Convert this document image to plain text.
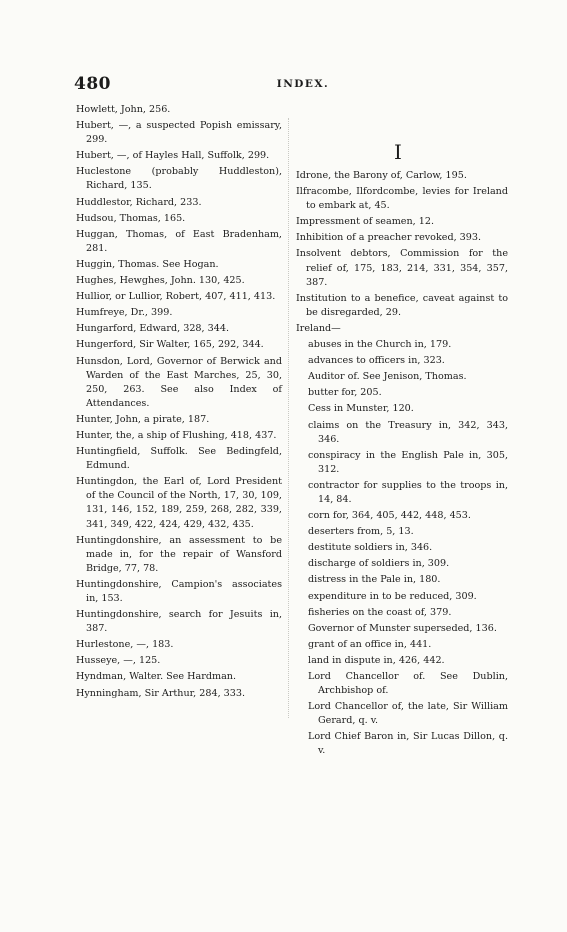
480	INDEX.

Howlett, John, 256.

Hubert, —, a suspected Popish emissary, 299.

Hubert, —, of Hayles Hall, Suffolk, 299.

Huclestone (probably Huddleston), Richard, 135.

Huddlestor, Richard, 233.

Hudsou, Thomas, 165.

Huggan, Thomas, of East Bradenham, 281.

Huggin, Thomas. See Hogan.

Hughes, Hewghes, John. 130, 425.

Hullior, or Lullior, Robert, 407, 411, 413.

Humfreye, Dr., 399.

Hungarford, Edward, 328, 344.

Hungerford, Sir Walter, 165, 292, 344.

Hunsdon, Lord, Governor of Berwick and Warden of the East Marches, 25, 30, 250, 263. See also Index of Attendances.

Hunter, John, a pirate, 187.

Hunter, the, a ship of Flushing, 418, 437.

Huntingfield, Suffolk. See Bedingfeld, Edmund.

Huntingdon, the Earl of, Lord President of the Council of the North, 17, 30, 109, 131, 146, 152, 189, 259, 268, 282, 339, 341, 349, 422, 424, 429, 432, 435.

Huntingdonshire, an assessment to be made in, for the repair of Wansford Bridge, 77, 78.

Huntingdonshire, Campion's associates in, 153.

Huntingdonshire, search for Jesuits in, 387.

Hurlestone, —, 183.

Husseye, —, 125.

Hyndman, Walter. See Hardman.

Hynningham, Sir Arthur, 284, 333.

I

Idrone, the Barony of, Carlow, 195.

Ilfracombe, Ilfordcombe, levies for Ireland to embark at, 45.

Impressment of seamen, 12.

Inhibition of a preacher revoked, 393.

Insolvent debtors, Commission for the relief of, 175, 183, 214, 331, 354, 357, 387.

Institution to a benefice, caveat against to be disregarded, 29.

Ireland—

abuses in the Church in, 179.

advances to officers in, 323.

Auditor of. See Jenison, Thomas.

butter for, 205.

Cess in Munster, 120.

claims on the Treasury in, 342, 343, 346.

conspiracy in the English Pale in, 305, 312.

contractor for supplies to the troops in, 14, 84.

corn for, 364, 405, 442, 448, 453.

deserters from, 5, 13.

destitute soldiers in, 346.

discharge of soldiers in, 309.

distress in the Pale in, 180.

expenditure in to be reduced, 309.

fisheries on the coast of, 379.

Governor of Munster superseded, 136.

grant of an office in, 441.

land in dispute in, 426, 442.

Lord Chancellor of. See Dublin, Archbishop of.

Lord Chancellor of, the late, Sir William Gerard, q. v.

Lord Chief Baron in, Sir Lucas Dillon, q. v.
